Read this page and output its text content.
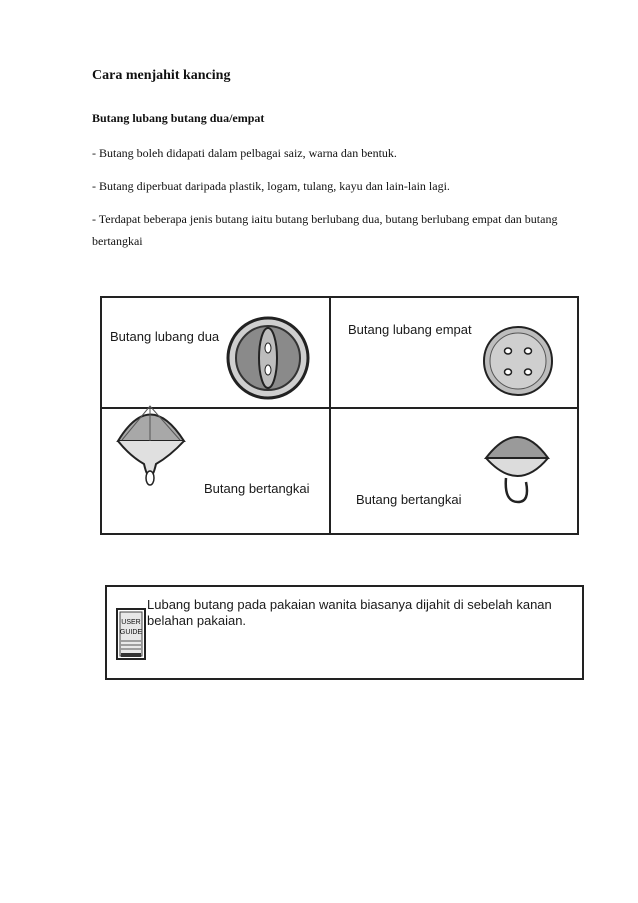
Cara menjahit kancing
Butang lubang butang dua/empat
- Butang boleh didapati dalam pelbagai saiz, warna dan bentuk.
- Butang diperbuat daripada plastik, logam, tulang, kayu dan lain-lain lagi.
- Terdapat beberapa jenis butang iaitu butang berlubang dua, butang berlubang empat dan butang bertangkai
Butang lubang dua	Butang lubang empat
Butang bertangkai
Butang bertangkai
USER
GUIDE
Lubang butang pada pakaian wanita biasanya dijahit di sebelah kanan belahan pakaian.
